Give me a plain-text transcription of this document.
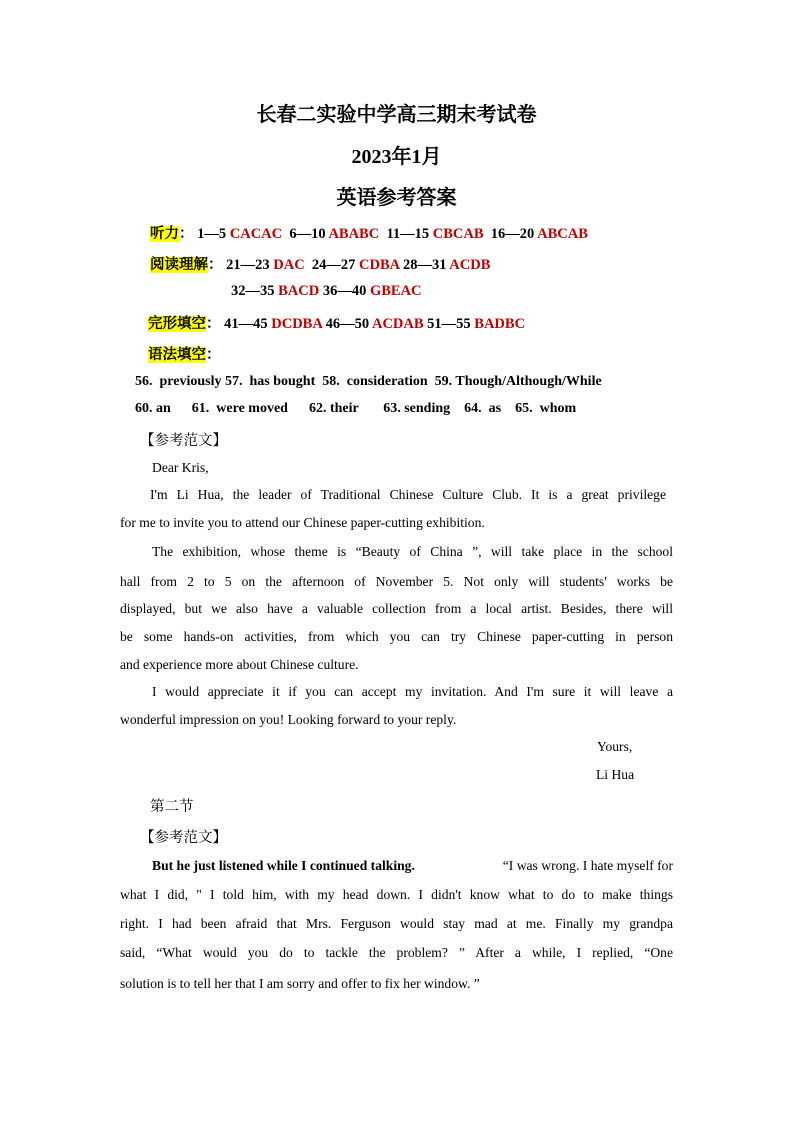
长春二实验中学高三期末考试卷
2023年1月
英语参考答案
听力： 1—5 CACAC 6—10 ABABC 11—15 CBCAB 16—20 ABCAB
阅读理解： 21—23 DAC 24—27 CDBA 28—31 ACDB
32—35 BACD 36—40 GBEAC
完形填空： 41—45 DCDBA 46—50 ACDAB 51—55 BADBC
语法填空：
56. previously 57. has bought 58. consideration 59. Though/Although/While
60. an 61. were moved 62. their 63. sending 64. as 65. whom
【参考范文】
Dear Kris,
I'm Li Hua, the leader of Traditional Chinese Culture Club. It is a great privilege
for me to invite you to attend our Chinese paper-cutting exhibition.
The exhibition, whose theme is “Beauty of China ”, will take place in the school
hall from 2 to 5 on the afternoon of November 5. Not only will students' works be
displayed, but we also have a valuable collection from a local artist. Besides, there will
be some hands-on activities, from which you can try Chinese paper-cutting in person
and experience more about Chinese culture.
I would appreciate it if you can accept my invitation. And I'm sure it will leave a
wonderful impression on you! Looking forward to your reply.
Yours,
Li Hua
第二节
【参考范文】
But he just listened while I continued talking.	“I was wrong. I hate myself for
what I did, " I told him, with my head down. I didn't know what to do to make things
right. I had been afraid that Mrs. Ferguson would stay mad at me. Finally my grandpa
said, “What would you do to tackle the problem? ” After a while, I replied, “One
solution is to tell her that I am sorry and offer to fix her window. ”
